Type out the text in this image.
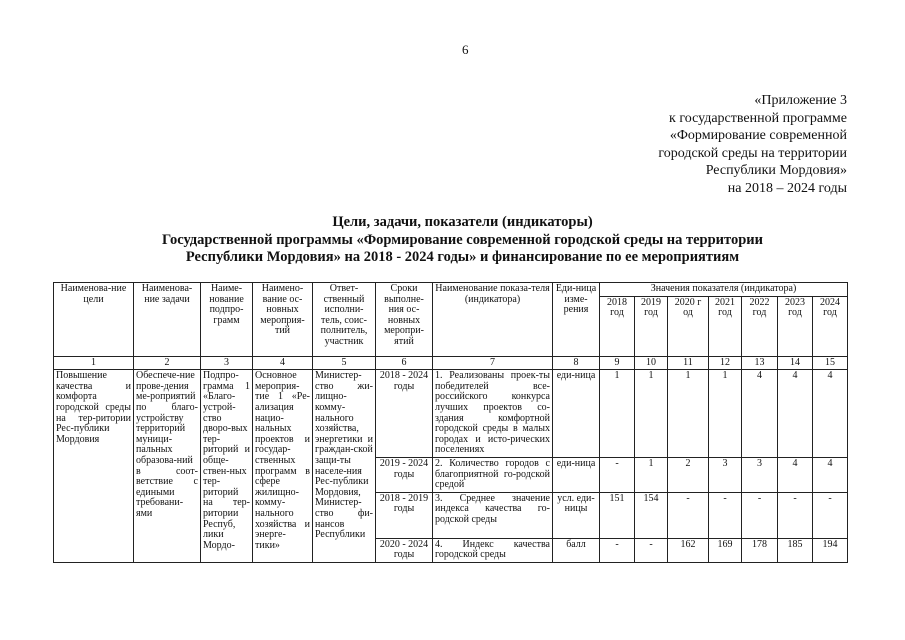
6
«Приложение 3
к государственной программе
«Формирование современной
городской среды на территории
Республики Мордовия»
на 2018 – 2024 годы
Цели, задачи, показатели (индикаторы)
Государственной программы «Формирование современной городской среды на территории
Республики Мордовия» на 2018 - 2024 годы» и финансирование по ее мероприятиям
Наименова-ние цели	Наименова-ние задачи	Наиме-нование подпро-грамм	Наимено-вание ос-новных мероприя-тий	Ответ-ственный исполни-тель, соис-полнитель, участник	Сроки выполне-ния ос-новных меропри-ятий	Наименование показа-теля (индикатора)	Еди-ница изме-рения	Значения показателя (индикатора)						
								2018 год	2019 год	2020 г од	2021 год	2022 год	2023 год	2024 год
1	2	3	4	5	6	7	8	9	10	11	12	13	14	15
Повышение качества и комфорта городской среды на тер-ритории Рес-публики Мордовия	Обеспече-ние прове-дения ме-роприятий по благо-устройству территорий муници-пальных образова-ний в соот-ветствие с едиными требовани-ями	Подпро-грамма 1 «Благо-устрой-ство дворо-вых тер-риторий и обще-ствен-ных тер-риторий на тер-ритории Респуб, лики Мордо-	Основное мероприя-тие 1 «Ре-ализация нацио-нальных проектов и государ-ственных программ в сфере жилищно-комму-нального хозяйства и энерге-тики»	Министер-ство жи-лищно-комму-нального хозяйства, энергетики и граждан-ской защи-ты населе-ния Рес-публики Мордовия, Министер-ство фи-нансов Республики	2018 - 2024 годы	1. Реализованы проек-ты победителей все-российского конкурса лучших проектов со-здания комфортной городской среды в малых городах и исто-рических поселениях	еди-ница	1	1	1	1	4	4	4
					2019 - 2024 годы	2. Количество городов с благоприятной го-родской средой	еди-ница	-	1	2	3	3	4	4
					2018 - 2019 годы	3. Среднее значение индекса качества го-родской среды	усл. еди-ницы	151	154	-	-	-	-	-
					2020 - 2024 годы	4. Индекс качества городской среды	балл	-	-	162	169	178	185	194
